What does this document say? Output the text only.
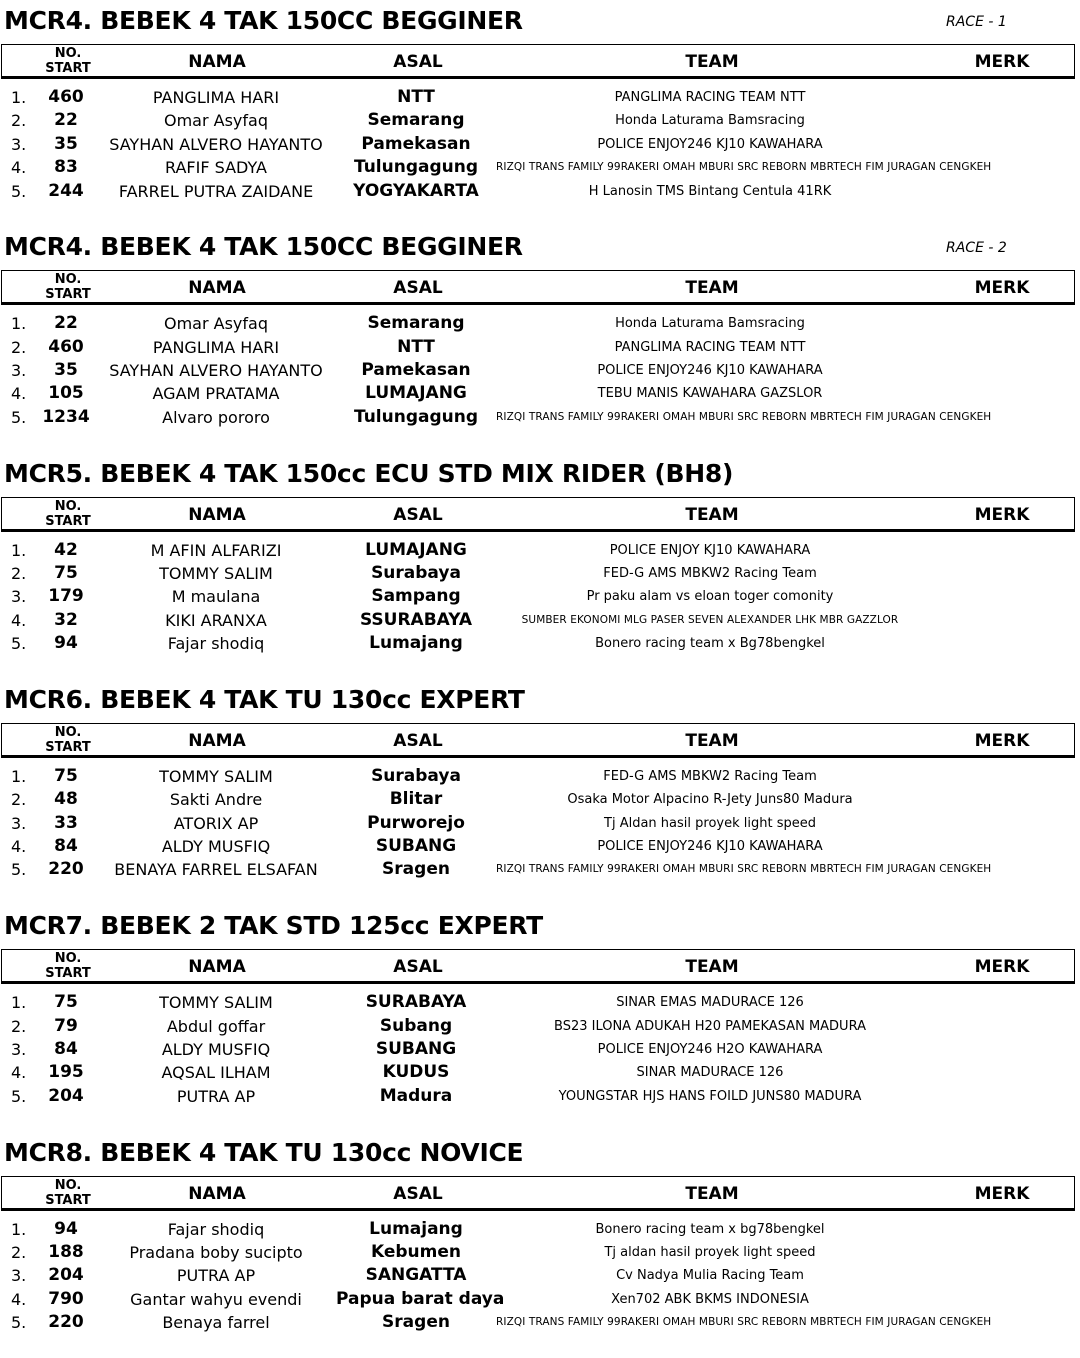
MCR4. BEBEK 4 TAK 150CC BEGGINER	RACE - 1
NO.
START	NAMA	ASAL	TEAM	MERK
1.	460	PANGLIMA HARI	NTT	PANGLIMA RACING TEAM NTT
2.	22	Omar Asyfaq	Semarang	Honda Laturama Bamsracing
3.	35	SAYHAN ALVERO HAYANTO	Pamekasan	POLICE ENJOY246 KJ10 KAWAHARA
4.	83	RAFIF SADYA	Tulungagung	RIZQI TRANS FAMILY 99RAKERI OMAH MBURI SRC REBORN MBRTECH FIM JURAGAN CENGKEH
5.	244	FARREL PUTRA ZAIDANE	YOGYAKARTA	H Lanosin TMS Bintang Centula 41RK
MCR4. BEBEK 4 TAK 150CC BEGGINER	RACE - 2
NO.
START	NAMA	ASAL	TEAM	MERK
1.	22	Omar Asyfaq	Semarang	Honda Laturama Bamsracing
2.	460	PANGLIMA HARI	NTT	PANGLIMA RACING TEAM NTT
3.	35	SAYHAN ALVERO HAYANTO	Pamekasan	POLICE ENJOY246 KJ10 KAWAHARA
4.	105	AGAM PRATAMA	LUMAJANG	TEBU MANIS KAWAHARA GAZSLOR
5. 1234	Alvaro pororo	Tulungagung	RIZQI TRANS FAMILY 99RAKERI OMAH MBURI SRC REBORN MBRTECH FIM JURAGAN CENGKEH
MCR5. BEBEK 4 TAK 150cc ECU STD MIX RIDER (BH8)
NO.
START	NAMA	ASAL	TEAM	MERK
1.	42	M AFIN ALFARIZI	LUMAJANG	POLICE ENJOY KJ10 KAWAHARA
2.	75	TOMMY SALIM	Surabaya	FED-G AMS MBKW2 Racing Team
3.	179	M maulana	Sampang	Pr paku alam vs eloan toger comonity
4.	32	KIKI ARANXA	SSURABAYA	SUMBER EKONOMI MLG PASER SEVEN ALEXANDER LHK MBR GAZZLOR
5.	94	Fajar shodiq	Lumajang	Bonero racing team x Bg78bengkel
MCR6. BEBEK 4 TAK TU 130cc EXPERT
NO.
START	NAMA	ASAL	TEAM	MERK
1.	75	TOMMY SALIM	Surabaya	FED-G AMS MBKW2 Racing Team
2.	48	Sakti Andre	Blitar	Osaka Motor Alpacino R-Jety Juns80 Madura
3.	33	ATORIX AP	Purworejo	Tj Aldan hasil proyek light speed
4.	84	ALDY MUSFIQ	SUBANG	POLICE ENJOY246 KJ10 KAWAHARA
5.	220	BENAYA FARREL ELSAFAN	Sragen	RIZQI TRANS FAMILY 99RAKERI OMAH MBURI SRC REBORN MBRTECH FIM JURAGAN CENGKEH
MCR7. BEBEK 2 TAK STD 125cc EXPERT
NO.
START	NAMA	ASAL	TEAM	MERK
1.	75	TOMMY SALIM	SURABAYA	SINAR EMAS MADURACE 126
2.	79	Abdul goffar	Subang	BS23 ILONA ADUKAH H20 PAMEKASAN MADURA
3.	84	ALDY MUSFIQ	SUBANG	POLICE ENJOY246 H2O KAWAHARA
4.	195	AQSAL ILHAM	KUDUS	SINAR MADURACE 126
5.	204	PUTRA AP	Madura	YOUNGSTAR HJS HANS FOILD JUNS80 MADURA
MCR8. BEBEK 4 TAK TU 130cc NOVICE
NO.
START	NAMA	ASAL	TEAM	MERK
1.	94	Fajar shodiq	Lumajang	Bonero racing team x bg78bengkel
2.	188	Pradana boby sucipto	Kebumen	Tj aldan hasil proyek light speed
3.	204	PUTRA AP	SANGATTA	Cv Nadya Mulia Racing Team
4.	790	Gantar wahyu evendi	Papua barat daya	Xen702 ABK BKMS INDONESIA
5.	220	Benaya farrel	Sragen	RIZQI TRANS FAMILY 99RAKERI OMAH MBURI SRC REBORN MBRTECH FIM JURAGAN CENGKEH
